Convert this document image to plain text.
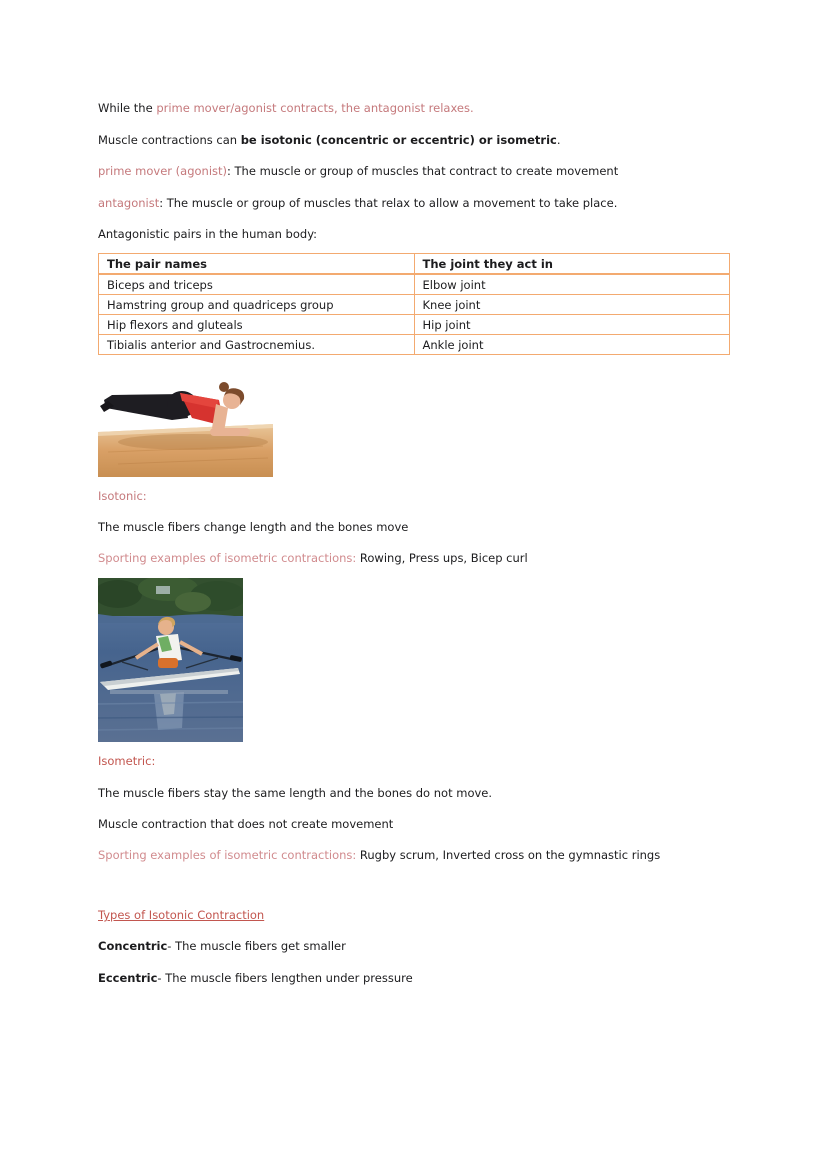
While the prime mover/agonist contracts, the antagonist relaxes.
Muscle contractions can be isotonic (concentric or eccentric) or isometric.
prime mover (agonist): The muscle or group of muscles that contract to create movement
antagonist: The muscle or group of muscles that relax to allow a movement to take place.
Antagonistic pairs in the human body:
The pair names	The joint they act in
Biceps and triceps	Elbow joint
Hamstring group and quadriceps group	Knee joint
Hip flexors and gluteals	Hip joint
Tibialis anterior and Gastrocnemius.	Ankle joint
Isotonic:
The muscle fibers change length and the bones move
Sporting examples of isometric contractions: Rowing, Press ups, Bicep curl
Isometric:
The muscle fibers stay the same length and the bones do not move.
Muscle contraction that does not create movement
Sporting examples of isometric contractions: Rugby scrum, Inverted cross on the gymnastic rings
Types of Isotonic Contraction
Concentric- The muscle fibers get smaller
Eccentric- The muscle fibers lengthen under pressure
